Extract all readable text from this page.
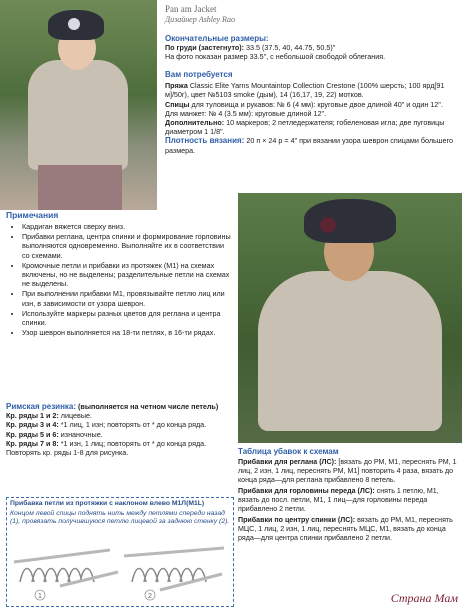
Pan am Jacket
Дизайнер Ashley Rao
Окончательные размеры:
По груди (застегнуто): 33.5 (37.5, 40, 44.75, 50.5)"
На фото показан размер 33.5", с небольшой свободой облегания.
Вам потребуется
Пряжа Classic Elite Yarns Mountaintop Collection Crestone (100% шерсть; 100 ярд[91 м]/50г), цвет №5103 smoke (дым), 14 (16,17, 19, 22) мотков.
Спицы для туловища и рукавов: № 6 (4 мм): круговые двое длиной 40" и один 12".
Для манжет: № 4 (3.5 мм): круговые длиной 12".
Дополнительно: 10 маркеров; 2 петледержателя; гобеленовая игла; две пуговицы диаметром 1 1/8".
Плотность вязания: 20 п × 24 р = 4" при вязании узора шеврон спицами большего размера.
Примечания
• Кардиган вяжется сверху вниз.
• Прибавки реглана, центра спинки и формирование горловины выполняются одновременно. Выполняйте их в соответствии со схемами.
• Кромочные петли и прибавки из протяжек (М1) на схемах включены, но не выделены; разделительные петли на схемах не выделены.
• При выполнении прибавки М1, провязывайте петлю лиц или изн, в зависимости от узора шеврон.
• Используйте маркеры разных цветов для реглана и центра спинки.
• Узор шеврон выполняется на 18-ти петлях, в 16-ти рядах.
Римская резинка: (выполняется на четном числе петель)
Кр. ряды 1 и 2: лицевые.
Кр. ряды 3 и 4: *1 лиц, 1 изн; повторять от * до конца ряда.
Кр. ряды 5 и 6: изнаночные.
Кр. ряды 7 и 8: *1 изн, 1 лиц; повторять от * до конца ряда.
Повторять кр. ряды 1-8 для рисунка.
Прибавка петли из протяжки с наклоном влево М1Л(M1L)
Концом левой спицы поднять нить между петлями спереди назад (1), провязать получившуюся петлю лицевой за заднюю стенку (2).
1	2
Таблица убавок к схемам
Прибавки для реглана (ЛС): [вязать до РМ, М1, переснять РМ, 1 лиц, 2 изн, 1 лиц, переснять РМ, М1] повторить 4 раза, вязать до конца ряда—для реглана прибавлено 8 петель.
Прибавки для горловины переда (ЛС): снять 1 петлю, М1, вязать до посл. петли, М1, 1 лиц—для горловины переда прибавлено 2 петли.
Прибавки по центру спинки (ЛС): вязать до РМ, М1, переснять МЦС, 1 лиц, 2 изн, 1 лиц, переснять МЦС, М1, вязать до конца ряда—для центра спинки прибавлено 2 петли.
Страна Мам
